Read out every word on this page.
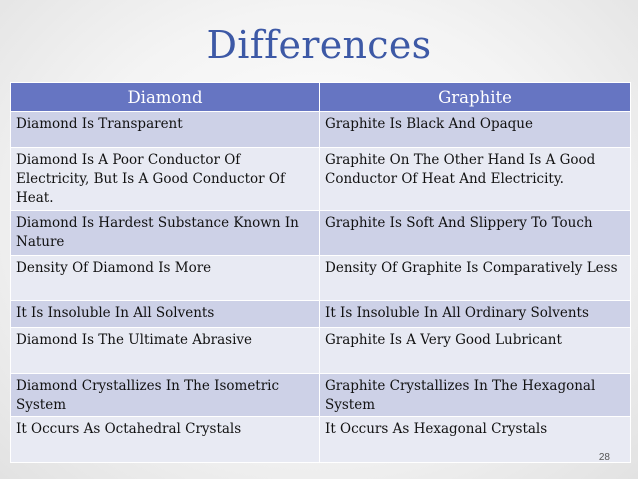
Differences
Diamond	Graphite
Diamond Is Transparent	Graphite Is Black And Opaque
Diamond Is A Poor Conductor Of Electricity, But Is A Good Conductor Of Heat.	Graphite On The Other Hand Is A Good Conductor Of Heat And Electricity.
Diamond Is Hardest Substance Known In Nature	Graphite Is Soft And Slippery To Touch
Density Of Diamond Is More	Density Of Graphite Is Comparatively Less
It Is Insoluble In All Solvents	It Is Insoluble In All Ordinary Solvents
Diamond Is The Ultimate Abrasive	Graphite Is A Very Good Lubricant
Diamond Crystallizes In The Isometric System	Graphite Crystallizes In The Hexagonal System
It Occurs As Octahedral Crystals	It Occurs As Hexagonal Crystals
28
